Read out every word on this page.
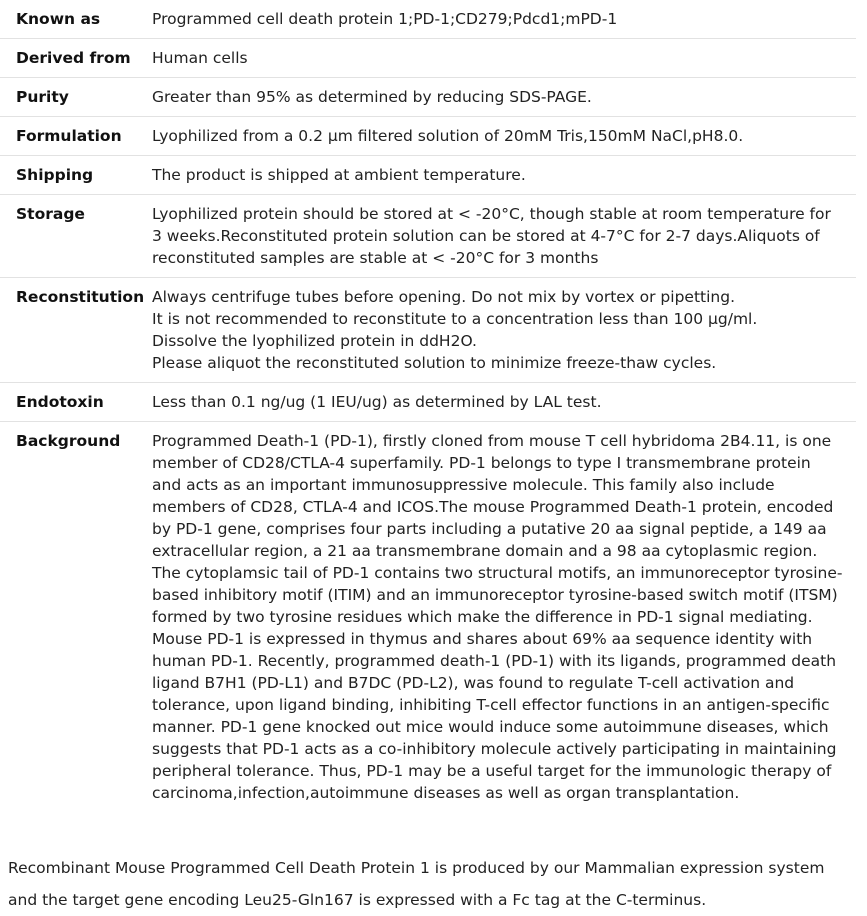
Known as	Programmed cell death protein 1;PD-1;CD279;Pdcd1;mPD-1
Derived from	Human cells
Purity	Greater than 95% as determined by reducing SDS-PAGE.
Formulation	Lyophilized from a 0.2 μm filtered solution of 20mM Tris,150mM NaCl,pH8.0.
Shipping	The product is shipped at ambient temperature.
Storage	Lyophilized protein should be stored at < -20°C, though stable at room temperature for 3 weeks.Reconstituted protein solution can be stored at 4-7°C for 2-7 days.Aliquots of reconstituted samples are stable at < -20°C for 3 months
Reconstitution	Always centrifuge tubes before opening. Do not mix by vortex or pipetting.
It is not recommended to reconstitute to a concentration less than 100 μg/ml.
Dissolve the lyophilized protein in ddH2O.
Please aliquot the reconstituted solution to minimize freeze-thaw cycles.

Endotoxin	Less than 0.1 ng/ug (1 IEU/ug) as determined by LAL test.
Background	Programmed Death-1 (PD-1), firstly cloned from mouse T cell hybridoma 2B4.11, is one member of CD28/CTLA-4 superfamily. PD-1 belongs to type I transmembrane protein and acts as an important immunosuppressive molecule. This family also include members of CD28, CTLA-4 and ICOS.The mouse Programmed Death-1 protein, encoded by PD-1 gene, comprises four parts including a putative 20 aa signal peptide, a 149 aa extracellular region, a 21 aa transmembrane domain and a 98 aa cytoplasmic region. The cytoplamsic tail of PD-1 contains two structural motifs, an immunoreceptor tyrosine-based inhibitory motif (ITIM) and an immunoreceptor tyrosine-based switch motif (ITSM) formed by two tyrosine residues which make the difference in PD-1 signal mediating. Mouse PD-1 is expressed in thymus and shares about 69% aa sequence identity with human PD-1. Recently, programmed death-1 (PD-1) with its ligands, programmed death ligand B7H1 (PD-L1) and B7DC (PD-L2), was found to regulate T-cell activation and tolerance, upon ligand binding, inhibiting T-cell effector functions in an antigen-specific manner. PD-1 gene knocked out mice would induce some autoimmune diseases, which suggests that PD-1 acts as a co-inhibitory molecule actively participating in maintaining peripheral tolerance. Thus, PD-1 may be a useful target for the immunologic therapy of carcinoma,infection,autoimmune diseases as well as organ transplantation.

Recombinant Mouse Programmed Cell Death Protein 1 is produced by our Mammalian expression system and the target gene encoding Leu25-Gln167 is expressed with a Fc tag at the C-terminus.
